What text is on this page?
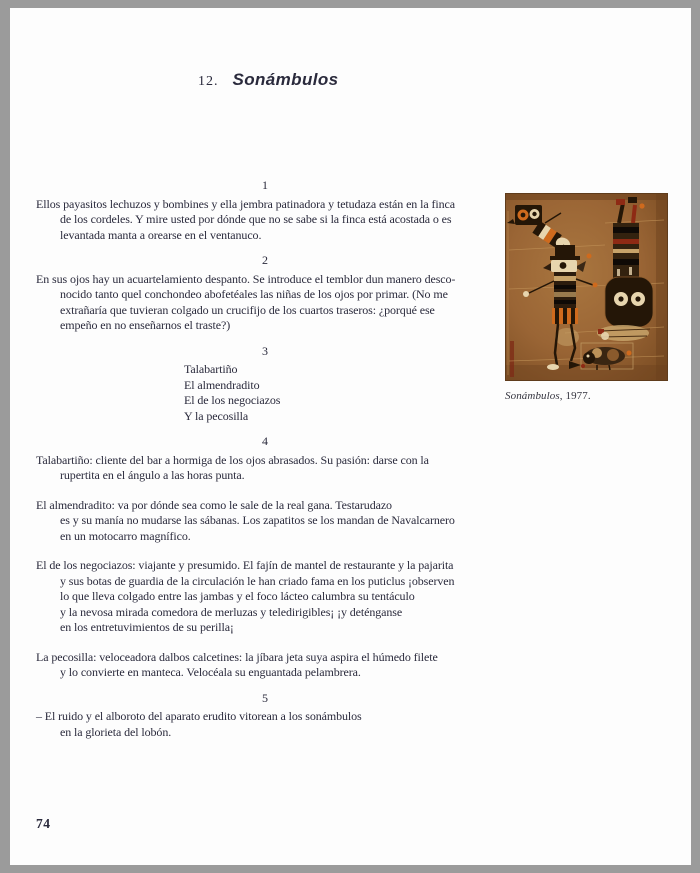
12. Sonámbulos
1
Ellos payasitos lechuzos y bombines y ella jembra patinadora y tetudaza están en la finca
de los cordeles. Y mire usted por dónde que no se sabe si la finca está acostada o es
levantada manta a orearse en el ventanuco.
2
En sus ojos hay un acuartelamiento despanto. Se introduce el temblor dun manero desco-
nocido tanto quel conchondeo abofetéales las niñas de los ojos por primar. (No me
extrañaría que tuvieran colgado un crucifijo de los cuartos traseros: ¿porqué ese
empeño en no enseñarnos el traste?)
3
Talabartiño
El almendradito
El de los negociazos
Y la pecosilla
4
Talabartiño: cliente del bar a hormiga de los ojos abrasados. Su pasión: darse con la
rupertita en el ángulo a las horas punta.
El almendradito: va por dónde sea como le sale de la real gana. Testarudazo
es y su manía no mudarse las sábanas. Los zapatitos se los mandan de Navalcarnero
en un motocarro magnífico.
El de los negociazos: viajante y presumido. El fajín de mantel de restaurante y la pajarita
y sus botas de guardia de la circulación le han criado fama en los puticlus ¡observen
lo que lleva colgado entre las jambas y el foco lácteo calumbra su tentáculo
y la nevosa mirada comedora de merluzas y teledirigibles¡ ¡y deténganse
en los entretuvimientos de su perilla¡
La pecosilla: veloceadora dalbos calcetines: la jíbara jeta suya aspira el húmedo filete
y lo convierte en manteca. Velocéala su enguantada pelambrera.
5
– El ruido y el alboroto del aparato erudito vitorean a los sonámbulos
en la glorieta del lobón.
Sonámbulos, 1977.
74
